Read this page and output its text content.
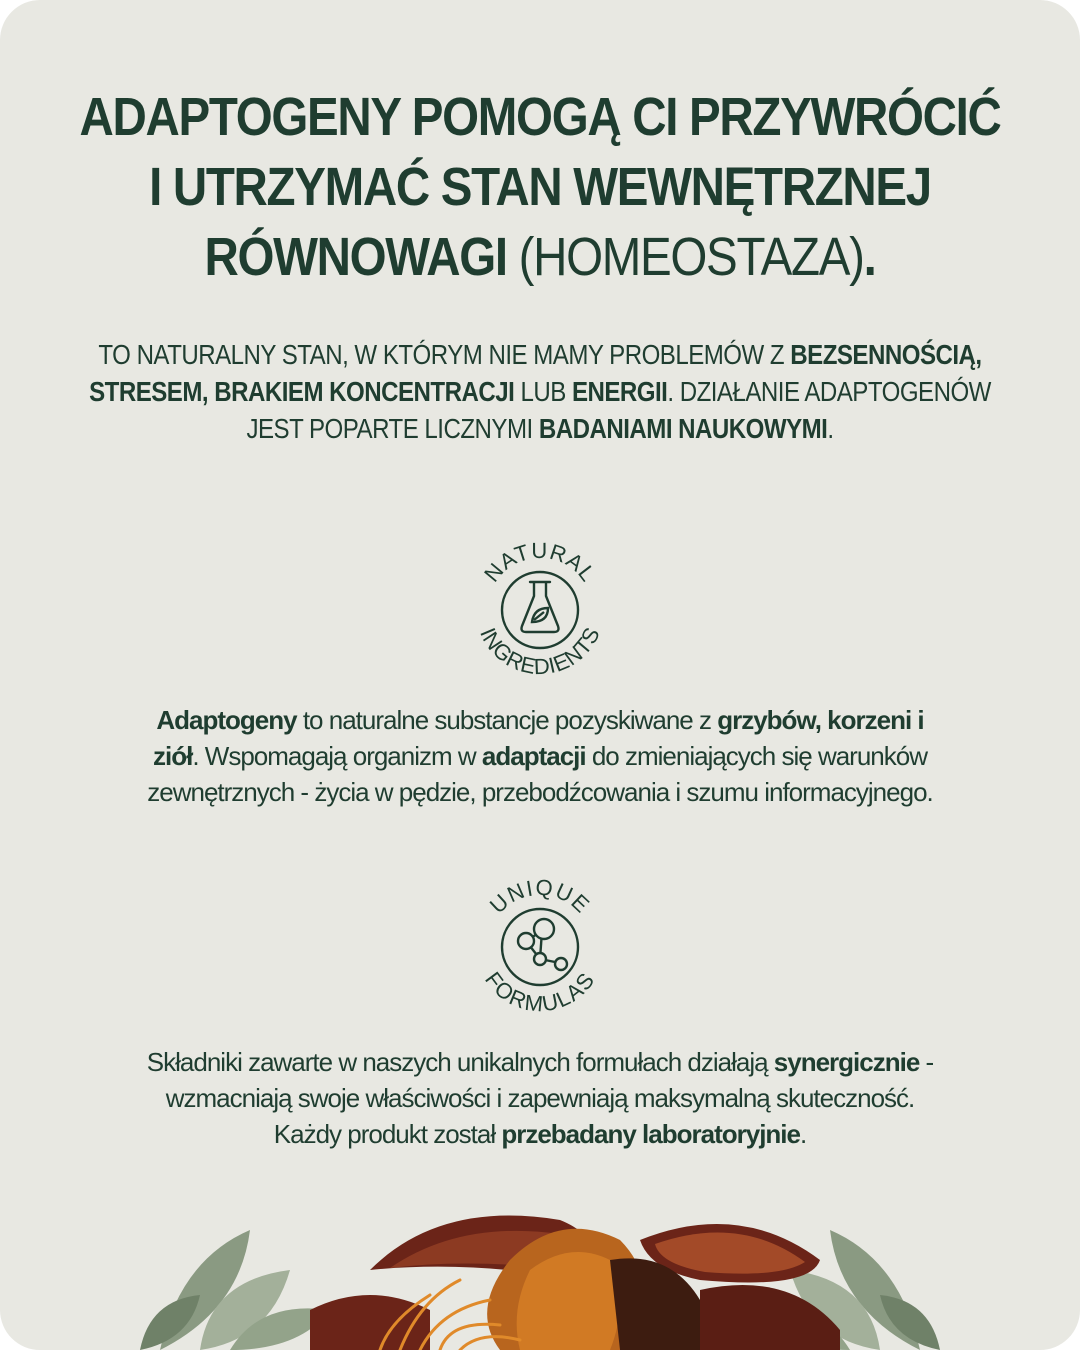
ADAPTOGENY POMOGĄ CI PRZYWRÓCIĆ
I UTRZYMAĆ STAN WEWNĘTRZNEJ
RÓWNOWAGI (HOMEOSTAZA).
TO NATURALNY STAN, W KTÓRYM NIE MAMY PROBLEMÓW Z BEZSENNOŚCIĄ,
STRESEM, BRAKIEM KONCENTRACJI LUB ENERGII. DZIAŁANIE ADAPTOGENÓW
JEST POPARTE LICZNYMI BADANIAMI NAUKOWYMI.
NATURAL
INGREDIENTS
Adaptogeny to naturalne substancje pozyskiwane z grzybów, korzeni i
ziół. Wspomagają organizm w adaptacji do zmieniających się warunków
zewnętrznych - życia w pędzie, przebodźcowania i szumu informacyjnego.
UNIQUE
FORMULAS
Składniki zawarte w naszych unikalnych formułach działają synergicznie -
wzmacniają swoje właściwości i zapewniają maksymalną skuteczność.
Każdy produkt został przebadany laboratoryjnie.
